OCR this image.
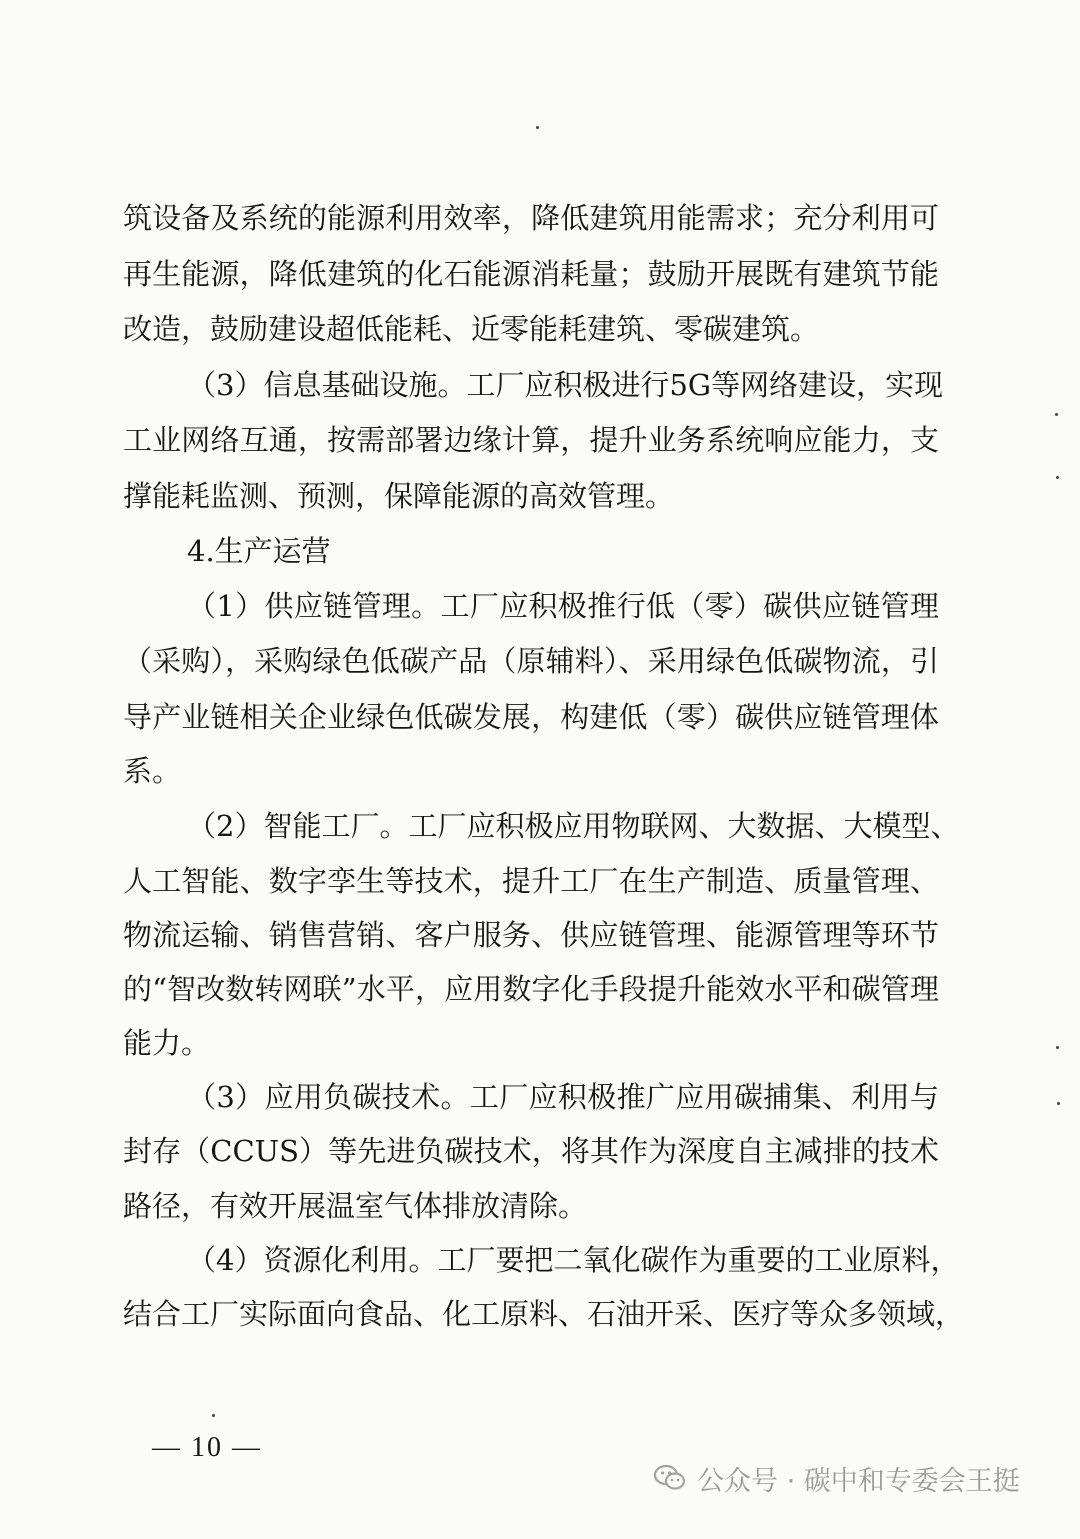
筑设备及系统的能源利用效率，降低建筑用能需求；充分利用可
再生能源，降低建筑的化石能源消耗量；鼓励开展既有建筑节能
改造，鼓励建设超低能耗、近零能耗建筑、零碳建筑。
（3）信息基础设施。工厂应积极进行5G等网络建设，实现
工业网络互通，按需部署边缘计算，提升业务系统响应能力，支
撑能耗监测、预测，保障能源的高效管理。
4.生产运营
（1）供应链管理。工厂应积极推行低（零）碳供应链管理
（采购），采购绿色低碳产品（原辅料）、采用绿色低碳物流，引
导产业链相关企业绿色低碳发展，构建低（零）碳供应链管理体
系。
（2）智能工厂。工厂应积极应用物联网、大数据、大模型、
人工智能、数字孪生等技术，提升工厂在生产制造、质量管理、
物流运输、销售营销、客户服务、供应链管理、能源管理等环节
的“智改数转网联”水平，应用数字化手段提升能效水平和碳管理
能力。
（3）应用负碳技术。工厂应积极推广应用碳捕集、利用与
封存（CCUS）等先进负碳技术，将其作为深度自主减排的技术
路径，有效开展温室气体排放清除。
（4）资源化利用。工厂要把二氧化碳作为重要的工业原料，
结合工厂实际面向食品、化工原料、石油开采、医疗等众多领域，
— 10 —
公众号 · 碳中和专委会王挺
